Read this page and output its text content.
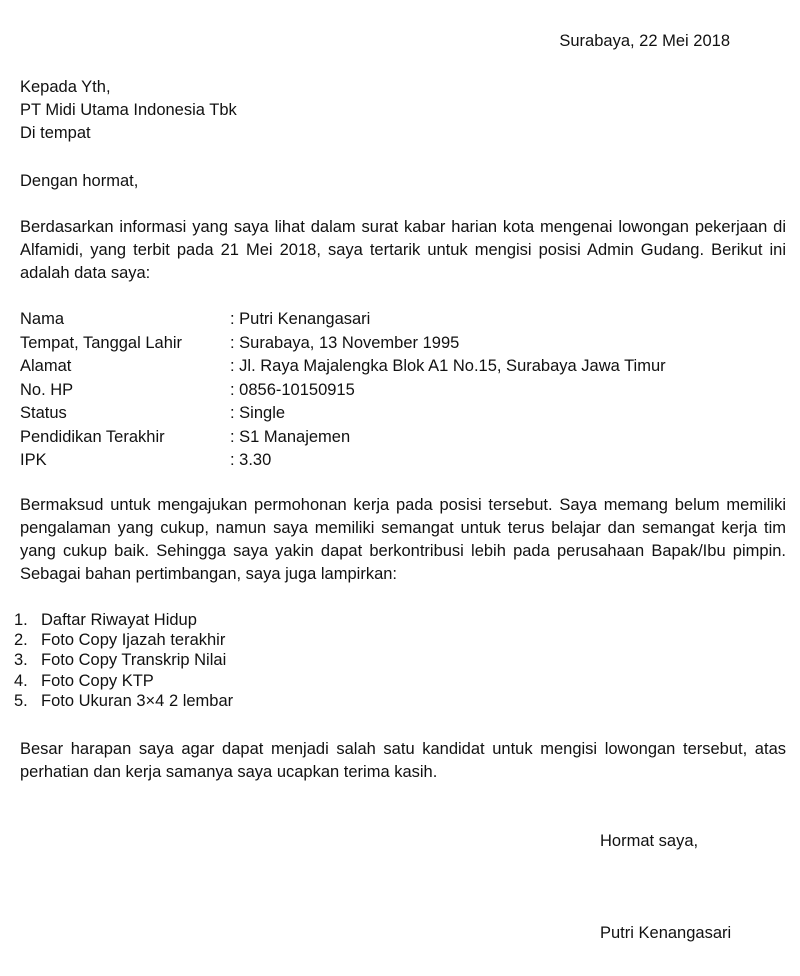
Surabaya, 22 Mei 2018
Kepada Yth,
PT Midi Utama Indonesia Tbk
Di tempat
Dengan hormat,
Berdasarkan informasi yang saya lihat dalam surat kabar harian kota mengenai lowongan pekerjaan di Alfamidi, yang terbit pada 21 Mei 2018, saya tertarik untuk mengisi posisi Admin Gudang. Berikut ini adalah data saya:
Nama	: Putri Kenangasari
Tempat, Tanggal Lahir	: Surabaya, 13 November 1995
Alamat	: Jl. Raya Majalengka Blok A1 No.15, Surabaya Jawa Timur
No. HP	: 0856-10150915
Status	: Single
Pendidikan Terakhir	: S1 Manajemen
IPK	: 3.30
Bermaksud untuk mengajukan permohonan kerja pada posisi tersebut. Saya memang belum memiliki pengalaman yang cukup, namun saya memiliki semangat untuk terus belajar dan semangat kerja tim yang cukup baik. Sehingga saya yakin dapat berkontribusi lebih pada perusahaan Bapak/Ibu pimpin. Sebagai bahan pertimbangan, saya juga lampirkan:
1. Daftar Riwayat Hidup
2. Foto Copy Ijazah terakhir
3. Foto Copy Transkrip Nilai
4. Foto Copy KTP
5. Foto Ukuran 3×4 2 lembar
Besar harapan saya agar dapat menjadi salah satu kandidat untuk mengisi lowongan tersebut, atas perhatian dan kerja samanya saya ucapkan terima kasih.
Hormat saya,
Putri Kenangasari
